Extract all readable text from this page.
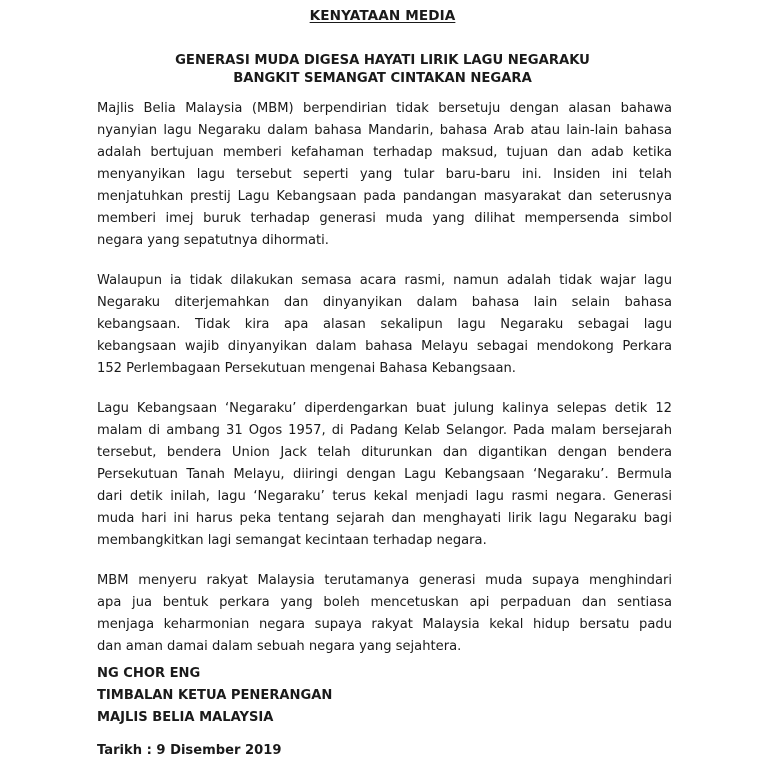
KENYATAAN MEDIA
GENERASI MUDA DIGESA HAYATI LIRIK LAGU NEGARAKU
BANGKIT SEMANGAT CINTAKAN NEGARA
Majlis Belia Malaysia (MBM) berpendirian tidak bersetuju dengan alasan bahawa
nyanyian lagu Negaraku dalam bahasa Mandarin, bahasa Arab atau lain-lain bahasa
adalah bertujuan memberi kefahaman terhadap maksud, tujuan dan adab ketika
menyanyikan lagu tersebut seperti yang tular baru-baru ini. Insiden ini telah
menjatuhkan prestij Lagu Kebangsaan pada pandangan masyarakat dan seterusnya
memberi imej buruk terhadap generasi muda yang dilihat mempersenda simbol
negara yang sepatutnya dihormati.
Walaupun ia tidak dilakukan semasa acara rasmi, namun adalah tidak wajar lagu
Negaraku diterjemahkan dan dinyanyikan dalam bahasa lain selain bahasa
kebangsaan. Tidak kira apa alasan sekalipun lagu Negaraku sebagai lagu
kebangsaan wajib dinyanyikan dalam bahasa Melayu sebagai mendokong Perkara
152 Perlembagaan Persekutuan mengenai Bahasa Kebangsaan.
Lagu Kebangsaan ‘Negaraku’ diperdengarkan buat julung kalinya selepas detik 12
malam di ambang 31 Ogos 1957, di Padang Kelab Selangor. Pada malam bersejarah
tersebut, bendera Union Jack telah diturunkan dan digantikan dengan bendera
Persekutuan Tanah Melayu, diiringi dengan Lagu Kebangsaan ‘Negaraku’. Bermula
dari detik inilah, lagu ‘Negaraku’ terus kekal menjadi lagu rasmi negara. Generasi
muda hari ini harus peka tentang sejarah dan menghayati lirik lagu Negaraku bagi
membangkitkan lagi semangat kecintaan terhadap negara.
MBM menyeru rakyat Malaysia terutamanya generasi muda supaya menghindari
apa jua bentuk perkara yang boleh mencetuskan api perpaduan dan sentiasa
menjaga keharmonian negara supaya rakyat Malaysia kekal hidup bersatu padu
dan aman damai dalam sebuah negara yang sejahtera.
NG CHOR ENG
TIMBALAN KETUA PENERANGAN
MAJLIS BELIA MALAYSIA
Tarikh : 9 Disember 2019
